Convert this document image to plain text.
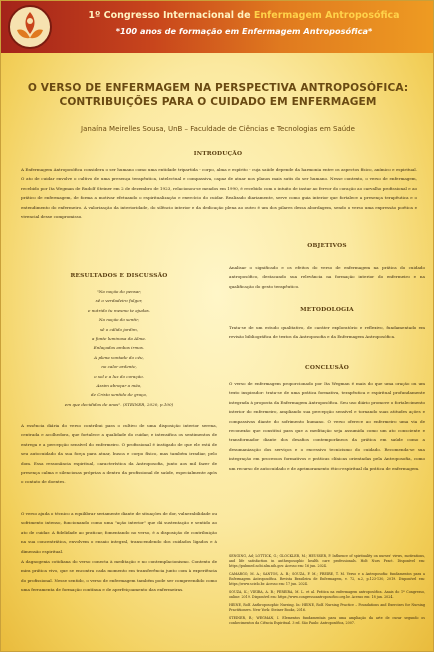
1º Congresso Internacional de Enfermagem Antroposófica
*100 anos de formação em Enfermagem Antroposófica*
O VERSO DE ENFERMAGEM NA PERSPECTIVA ANTROPOSÓFICA:
CONTRIBUIÇÕES PARA O CUIDADO EM ENFERMAGEM
Janaína Meirelles Sousa, UnB – Faculdade de Ciências e Tecnologias em Saúde
INTRODUÇÃO
A Enfermagem Antroposófica considera o ser humano como uma entidade tripartida - corpo, alma e espírito - cuja saúde depende da harmonia entre os aspectos físico, anímico e espiritual. O ato de cuidar envolve o cultivo de uma presença terapêutica, intelectual e compassiva, capaz de atuar nos planos mais sutis do ser humano. Nesse contexto, o verso de enfermagem, recebido por Ita Wegman de Rudolf Steiner em 2 de dezembro de 1923, relacionou-se meados em 1990, é recebido com o intuito de instar ao fervor do coração ao carvalho profissional e ao prático de enfermagem, de forma a motivar efetuando o espiritualização e exercício do cuidar. Realizado diariamente, serve como guia interior que fortalece a presença terapêutica e o entendimento do enfermeiro. A valorização da interioridade, do silêncio interior e da dedicação plena ao outro é um dos pilares dessa abordagem, sendo o verso uma expressão poética e vivencial desse compromisso.
RESULTADOS E DISCUSSÃO
"Na noção do pensar,
sê o verdadeiro fulgor,
e nutrido tu mesmo te ajudas.
Na noção do sentir,
sê o cálido jardim,
a fonte luminosa da Alma.
Enlaçados ambos irmos.
A plena vontade do céu,
no calor ardente,
o sol e a luz do coração.
Assim abraçar a mão,
de Cristo sentido de graça,
em que decididos de anos". (STEINER, 2020, p.100)
A essência diária do verso contribui para o cultivo de uma disposição interior serena, centrada e acolhedora, que fortalece a qualidade do cuidar, e intensifica os sentimentos de entrega e a percepção sensível do enfermeiro. O profissional é instigado de que ele está de seu autocuidado da sua força para atuar, busca e corpo físico, mas também irradiar, pelo dom. Essa ressonância espiritual, característica da Antroposofia, junto aos mil fazer de presença calma e silenciosas próprias a dentro da profissional de saúde, especialmente após o contato de doentes.
O verso ajuda o técnico a equilibrar seriamente diante de situações de dor, vulnerabilidade ou sofrimento intenso, funcionando como uma "ação interior" que dá sustentação e sentido ao ato de cuidar. A fidelidade ao praticar, fomentando no verso, é a disposição de contribuição na sua concentrática, envolvem o ensaio integral, transcendendo dos cuidados ligados e à dimensão espiritual.
A dagnogenia cotidiana do verso conecta à meditação e no contemplacionismo. Contexto de mira prática vivo, que se encontra cada momento em transferência junto com à experiência do profissional. Nesse sentido, o verso de enfermagem também pode ser compreendido como uma ferramenta de formação contínua e de aperfeiçoamento das enfermeiras.
OBJETIVOS
Analisar o significado e os efeitos do verso de enfermagem na prática do cuidado antroposófico, destacando sua relevância na formação interior do enfermeiro e na qualificação do gesto terapêutico.
METODOLOGIA
Trata-se de um estudo qualitativo, de caráter exploratório e reflexivo, fundamentado em revisão bibliográfica de textos da Antroposofia e da Enfermagem Antroposófica.
CONCLUSÃO
O verso de enfermagem proporcionado por Ita Wegman é mais do que uma oração ou um texto inspirador: trata-se de uma prática formativa, terapêutica e espiritual profundamente integrada à proposta da Enfermagem Antroposófica. Seu uso diário promove o fortalecimento interior do enfermeiro, ampliando sua percepção sensível e tornando suas atitudes ações e compassivas diante do sofrimento humano. O verso oferece ao enfermeiro uma via de reconexão que constitui para que a meditação seja assumida como um ato consciente e transformador diante dos desafios contemporâneos da prática em saúde como a desumanização dos serviços e o excessivo tecnicismo do cuidado. Recomenda-se sua integração em processos formativos e práticas clínicas orientadas pela Antroposofia, como um recurso de autocuidado e de aprimoramento ético-espiritual da prática de enfermagem.
SENGING, Ad; LOTTICK, G.; GLÖCKLER, M.; HEUSSER, P. Influence of spirituality on nurses' views, motivations, and life satisfaction in anthroposophic health care professionals. Holt Nurs Pract. Disponível em: https://pubmed.ncbi.nlm.nih.gov. Acesso em: 16 jun. 2024.
CAMARGO, M. A.; SANTOS, A. B.; SOUZA, F. M.; FREIRE, T. M. Verso e a Antroposofia: fundamentos para a Enfermagem Antroposófica. Revista Brasileira de Enfermagem, v. 72, n.2, p.123-130, 2019. Disponível em: https://www.scielo.br. Acesso em: 17 jun. 2024.
SOUZA, K.; VIEIRA, A. B.; PEREIRA, M. L. et al. Prática na enfermagem antroposófica. Anais do 1º Congresso, online: 2019. Disponível em: https://www.congressoantroposofico.org.br. Acesso em: 18 jun. 2024.
HEINE, Rolf. Anthroposophic Nursing. In: HEINE, Rolf. Nursing Practice – Foundations and Exercises for Nursing Practitioners. New York: Steiner Books, 2016.
STEINER, R.; WEGMAN, I. Elementos fundamentais para uma ampliação da arte de curar segundo os conhecimentos da Ciência Espiritual. 3 ed. São Paulo: Antroposófica, 2007.
